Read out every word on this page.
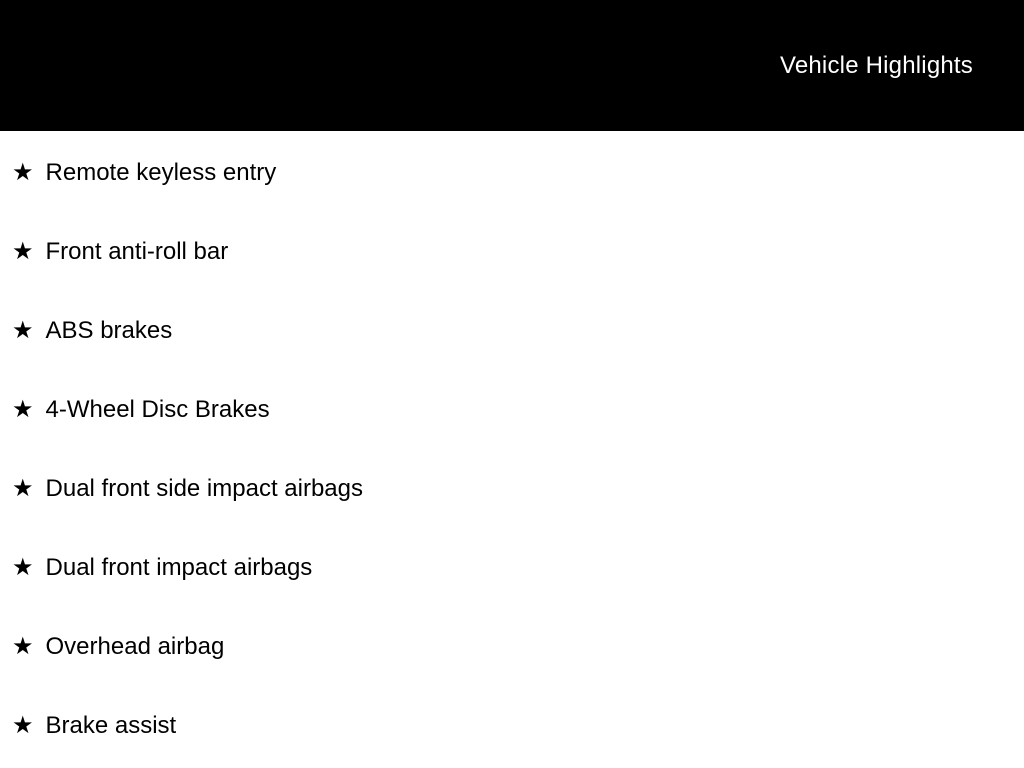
Vehicle Highlights
★ Remote keyless entry
★ Front anti-roll bar
★ ABS brakes
★ 4-Wheel Disc Brakes
★ Dual front side impact airbags
★ Dual front impact airbags
★ Overhead airbag
★ Brake assist
